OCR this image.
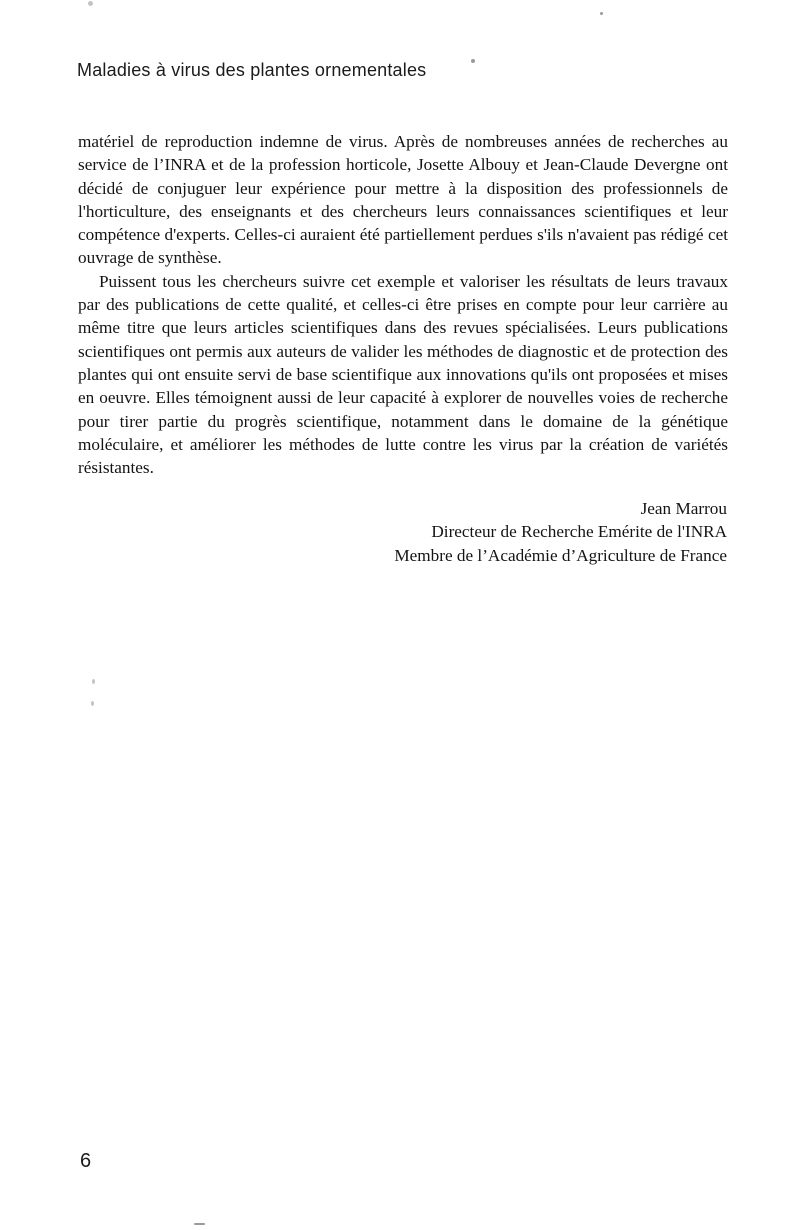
Maladies à virus des plantes ornementales

matériel de reproduction indemne de virus. Après de nombreuses années de recherches au service de l’INRA et de la profession horticole, Josette Albouy et Jean-Claude Devergne ont décidé de conjuguer leur expérience pour mettre à la disposition des professionnels de l'horticulture, des enseignants et des chercheurs leurs connaissances scientifiques et leur compétence d'experts. Celles-ci auraient été partiellement perdues s'ils n'avaient pas rédigé cet ouvrage de synthèse.

Puissent tous les chercheurs suivre cet exemple et valoriser les résultats de leurs travaux par des publications de cette qualité, et celles-ci être prises en compte pour leur carrière au même titre que leurs articles scientifiques dans des revues spécialisées. Leurs publications scientifiques ont permis aux auteurs de valider les méthodes de diagnostic et de protection des plantes qui ont ensuite servi de base scientifique aux innovations qu'ils ont proposées et mises en oeuvre. Elles témoignent aussi de leur capacité à explorer de nouvelles voies de recherche pour tirer partie du progrès scientifique, notamment dans le domaine de la génétique moléculaire, et améliorer les méthodes de lutte contre les virus par la création de variétés résistantes.

Jean Marrou
Directeur de Recherche Emérite de l'INRA
Membre de l’Académie d’Agriculture de France
6
